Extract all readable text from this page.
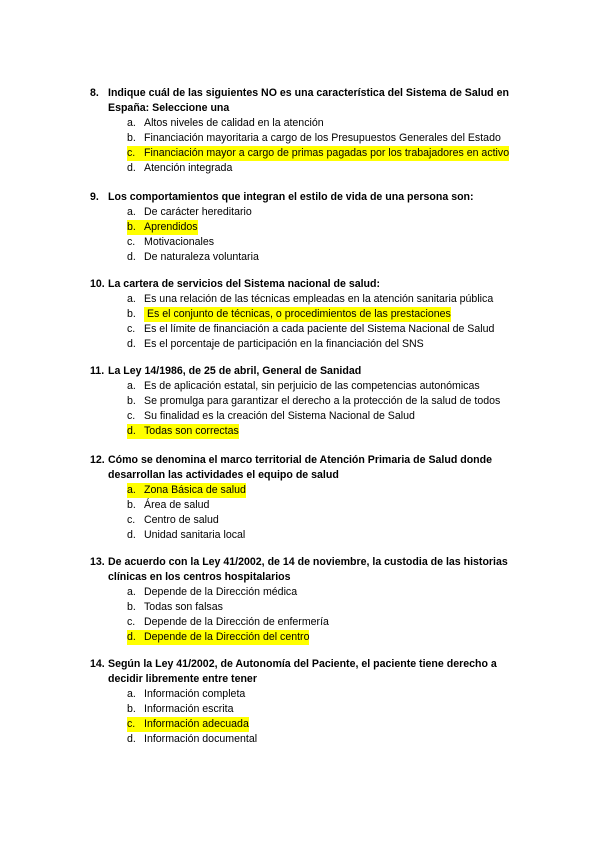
8. Indique cuál de las siguientes NO es una característica del Sistema de Salud en España: Seleccione una
a. Altos niveles de calidad en la atención
b. Financiación mayoritaria a cargo de los Presupuestos Generales del Estado
c. Financiación mayor a cargo de primas pagadas por los trabajadores en activo
d. Atención integrada
9. Los comportamientos que integran el estilo de vida de una persona son:
a. De carácter hereditario
b. Aprendidos
c. Motivacionales
d. De naturaleza voluntaria
10. La cartera de servicios del Sistema nacional de salud:
a. Es una relación de las técnicas empleadas en la atención sanitaria pública
b. Es el conjunto de técnicas, o procedimientos de las prestaciones
c. Es el límite de financiación a cada paciente del Sistema Nacional de Salud
d. Es el porcentaje de participación en la financiación del SNS
11. La Ley 14/1986, de 25 de abril, General de Sanidad
a. Es de aplicación estatal, sin perjuicio de las competencias autonómicas
b. Se promulga para garantizar el derecho a la protección de la salud de todos
c. Su finalidad es la creación del Sistema Nacional de Salud
d. Todas son correctas
12. Cómo se denomina el marco territorial de Atención Primaria de Salud donde desarrollan las actividades el equipo de salud
a. Zona Básica de salud
b. Área de salud
c. Centro de salud
d. Unidad sanitaria local
13. De acuerdo con la Ley 41/2002, de 14 de noviembre, la custodia de las historias clínicas en los centros hospitalarios
a. Depende de la Dirección médica
b. Todas son falsas
c. Depende de la Dirección de enfermería
d. Depende de la Dirección del centro
14. Según la Ley 41/2002, de Autonomía del Paciente, el paciente tiene derecho a decidir libremente entre tener
a. Información completa
b. Información escrita
c. Información adecuada
d. Información documental
